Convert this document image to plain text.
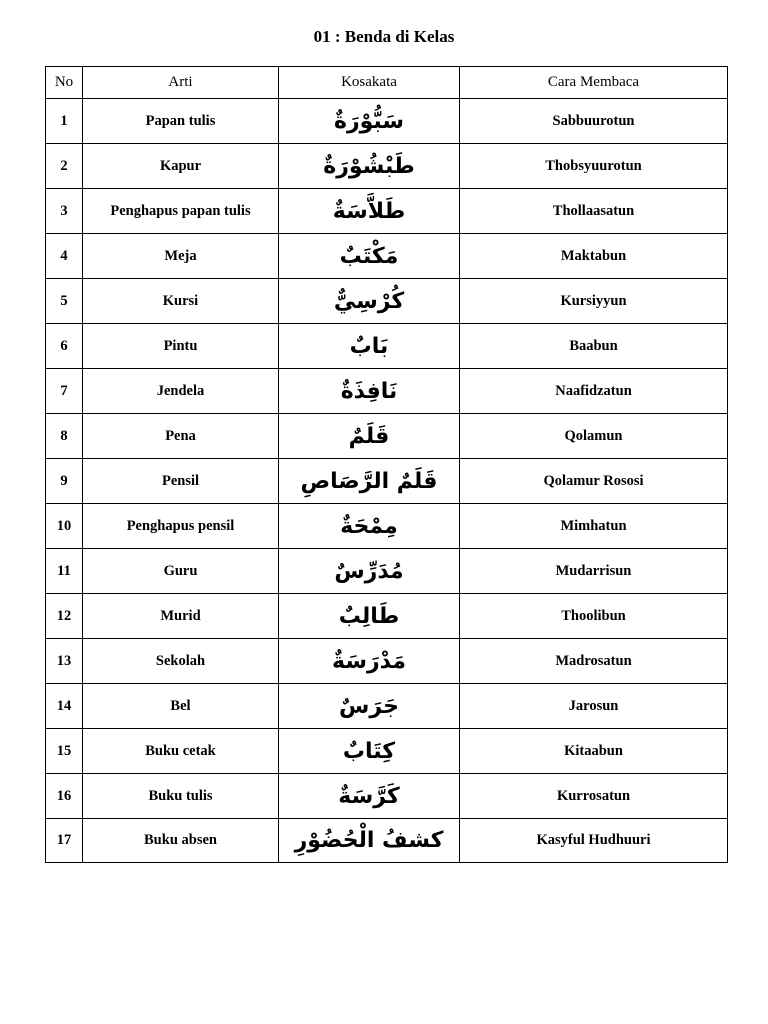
01 : Benda di Kelas
No	Arti	Kosakata	Cara Membaca
1	Papan tulis	سَبُّوْرَةٌ	Sabbuurotun
2	Kapur	طَبْشُوْرَةٌ	Thobsyuurotun
3	Penghapus papan tulis	طَلاَّسَةٌ	Thollaasatun
4	Meja	مَكْتَبٌ	Maktabun
5	Kursi	كُرْسِيٌّ	Kursiyyun
6	Pintu	بَابٌ	Baabun
7	Jendela	نَافِذَةٌ	Naafidzatun
8	Pena	قَلَمٌ	Qolamun
9	Pensil	قَلَمٌ الرَّصَاصِ	Qolamur Rososi
10	Penghapus pensil	مِمْحَةٌ	Mimhatun
11	Guru	مُدَرِّسٌ	Mudarrisun
12	Murid	طَالِبٌ	Thoolibun
13	Sekolah	مَدْرَسَةٌ	Madrosatun
14	Bel	جَرَسٌ	Jarosun
15	Buku cetak	كِتَابٌ	Kitaabun
16	Buku tulis	كَرَّسَةٌ	Kurrosatun
17	Buku absen	كشفُ الْحُضُوْرِ	Kasyful Hudhuuri
